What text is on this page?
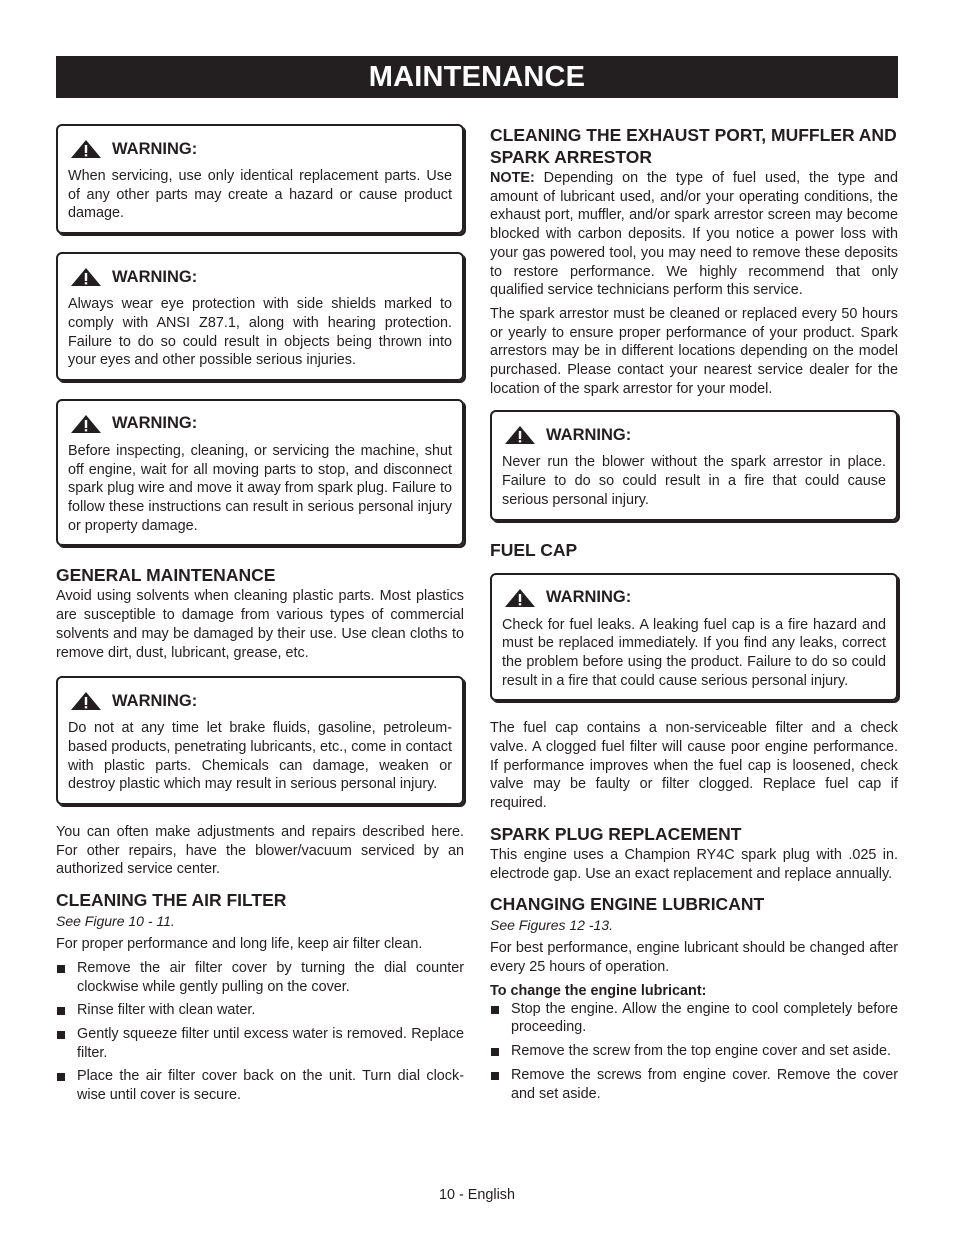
MAINTENANCE
WARNING:

When servicing, use only identical replacement parts. Use of any other parts may create a hazard or cause product damage.

WARNING:

Always wear eye protection with side shields marked to comply with ANSI Z87.1, along with hearing protection. Failure to do so could result in objects being thrown into your eyes and other possible serious injuries.

WARNING:

Before inspecting, cleaning, or servicing the machine, shut off engine, wait for all moving parts to stop, and disconnect spark plug wire and move it away from spark plug. Failure to follow these instructions can result in serious personal injury or property damage.

GENERAL MAINTENANCE

Avoid using solvents when cleaning plastic parts. Most plastics are susceptible to damage from various types of commercial solvents and may be damaged by their use. Use clean cloths to remove dirt, dust, lubricant, grease, etc.

WARNING:

Do not at any time let brake fluids, gasoline, petroleum-based products, penetrating lubricants, etc., come in contact with plastic parts. Chemicals can damage, weaken or destroy plastic which may result in serious personal injury.

You can often make adjustments and repairs described here. For other repairs, have the blower/vacuum serviced by an authorized service center.

CLEANING THE AIR FILTER
See Figure 10 - 11.

For proper performance and long life, keep air filter clean.

Remove the air filter cover by turning the dial counter clockwise while gently pulling on the cover.
Rinse filter with clean water.
Gently squeeze filter until excess water is removed. Replace filter.
Place the air filter cover back on the unit. Turn dial clock-wise until cover is secure.
CLEANING THE EXHAUST PORT, MUFFLER AND SPARK ARRESTOR

NOTE: Depending on the type of fuel used, the type and amount of lubricant used, and/or your operating conditions, the exhaust port, muffler, and/or spark arrestor screen may become blocked with carbon deposits. If you notice a power loss with your gas powered tool, you may need to remove these deposits to restore performance. We highly recommend that only qualified service technicians perform this service.

The spark arrestor must be cleaned or replaced every 50 hours or yearly to ensure proper performance of your product. Spark arrestors may be in different locations depending on the model purchased. Please contact your nearest service dealer for the location of the spark arrestor for your model.

WARNING:

Never run the blower without the spark arrestor in place. Failure to do so could result in a fire that could cause serious personal injury.

FUEL CAP
WARNING:

Check for fuel leaks. A leaking fuel cap is a fire hazard and must be replaced immediately. If you find any leaks, correct the problem before using the product. Failure to do so could result in a fire that could cause serious personal injury.

The fuel cap contains a non-serviceable filter and a check valve. A clogged fuel filter will cause poor engine performance. If performance improves when the fuel cap is loosened, check valve may be faulty or filter clogged. Replace fuel cap if required.

SPARK PLUG REPLACEMENT

This engine uses a Champion RY4C spark plug with .025 in. electrode gap. Use an exact replacement and replace annually.

CHANGING ENGINE LUBRICANT
See Figures 12 -13.

For best performance, engine lubricant should be changed after every 25 hours of operation.

To change the engine lubricant:
Stop the engine. Allow the engine to cool completely before proceeding.
Remove the screw from the top engine cover and set aside.
Remove the screws from engine cover. Remove the cover and set aside.
10 - English
